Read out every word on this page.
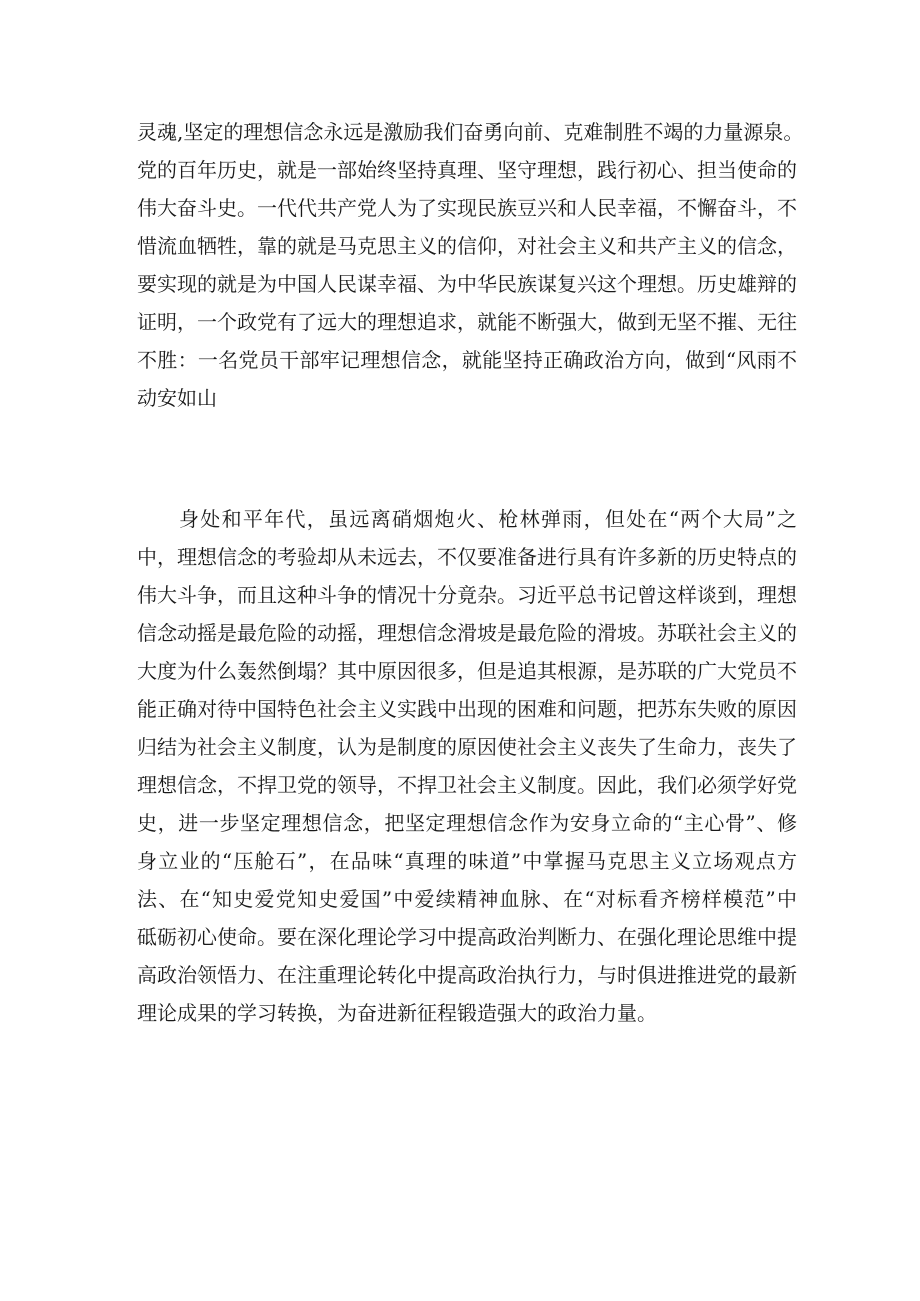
灵魂,坚定的理想信念永远是激励我们奋勇向前、克难制胜不竭的力量源泉。
党的百年历史，就是一部始终坚持真理、坚守理想，践行初心、担当使命的
伟大奋斗史。一代代共产党人为了实现民族豆兴和人民幸福，不懈奋斗，不
惜流血牺牲，靠的就是马克思主义的信仰，对社会主义和共产主义的信念，
要实现的就是为中国人民谋幸福、为中华民族谋复兴这个理想。历史雄辩的
证明，一个政党有了远大的理想追求，就能不断强大，做到无坚不摧、无往
不胜：一名党员干部牢记理想信念，就能坚持正确政治方向，做到“风雨不
动安如山
身处和平年代，虽远离硝烟炮火、枪林弹雨，但处在“两个大局”之
中，理想信念的考验却从未远去，不仅要准备进行具有许多新的历史特点的
伟大斗争，而且这种斗争的情况十分竟杂。习近平总书记曾这样谈到，理想
信念动摇是最危险的动摇，理想信念滑坡是最危险的滑坡。苏联社会主义的
大度为什么轰然倒塌？其中原因很多，但是追其根源，是苏联的广大党员不
能正确对待中国特色社会主义实践中出现的困难和问题，把苏东失败的原因
归结为社会主义制度，认为是制度的原因使社会主义丧失了生命力，丧失了
理想信念，不捍卫党的领导，不捍卫社会主义制度。因此，我们必须学好党
史，进一步坚定理想信念，把坚定理想信念作为安身立命的“主心骨”、修
身立业的“压舱石”，在品味“真理的味道”中掌握马克思主义立场观点方
法、在“知史爱党知史爱国”中爱续精神血脉、在“对标看齐榜样模范”中
砥砺初心使命。要在深化理论学习中提高政治判断力、在强化理论思维中提
高政治领悟力、在注重理论转化中提高政治执行力，与时俱进推进党的最新
理论成果的学习转换，为奋进新征程锻造强大的政治力量。
